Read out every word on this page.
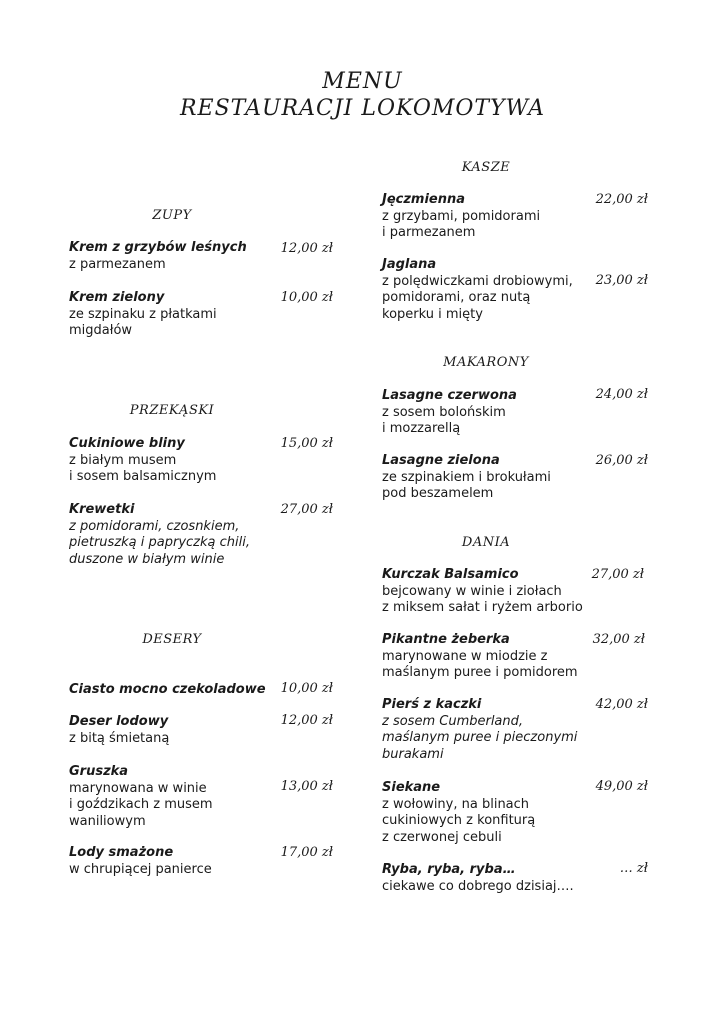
MENU
RESTAURACJI LOKOMOTYWA
ZUPY
Krem z grzybów leśnych
z parmezanem
12,00 zł
Krem zielony
ze szpinaku z płatkami
migdałów
10,00 zł
PRZEKĄSKI
Cukiniowe bliny
z białym musem
i sosem balsamicznym
15,00 zł
Krewetki
z pomidorami, czosnkiem,
pietruszką i papryczką chili,
duszone w białym winie
27,00 zł
DESERY
Ciasto mocno czekoladowe	10,00 zł
Deser lodowy
z bitą śmietaną
12,00 zł
Gruszka
marynowana w winie
i goździkach z musem
waniliowym
13,00 zł
Lody smażone
w chrupiącej panierce
17,00 zł
KASZE
Jęczmienna
z grzybami, pomidorami
i parmezanem
22,00 zł
Jaglana
z polędwiczkami drobiowymi,
pomidorami, oraz nutą
koperku i mięty
23,00 zł
MAKARONY
Lasagne czerwona
z sosem bolońskim
i mozzarellą
24,00 zł
Lasagne zielona
ze szpinakiem i brokułami
pod beszamelem
26,00 zł
DANIA
Kurczak Balsamico
bejcowany w winie i ziołach
z miksem sałat i ryżem arborio
27,00 zł
Pikantne żeberka
marynowane w miodzie z
maślanym puree i pomidorem
32,00 zł
Pierś z kaczki
z sosem Cumberland,
maślanym puree i pieczonymi
burakami
42,00 zł
Siekane
z wołowiny, na blinach
cukiniowych z konfiturą
z czerwonej cebuli
49,00 zł
Ryba, ryba, ryba…
ciekawe co dobrego dzisiaj….
… zł
